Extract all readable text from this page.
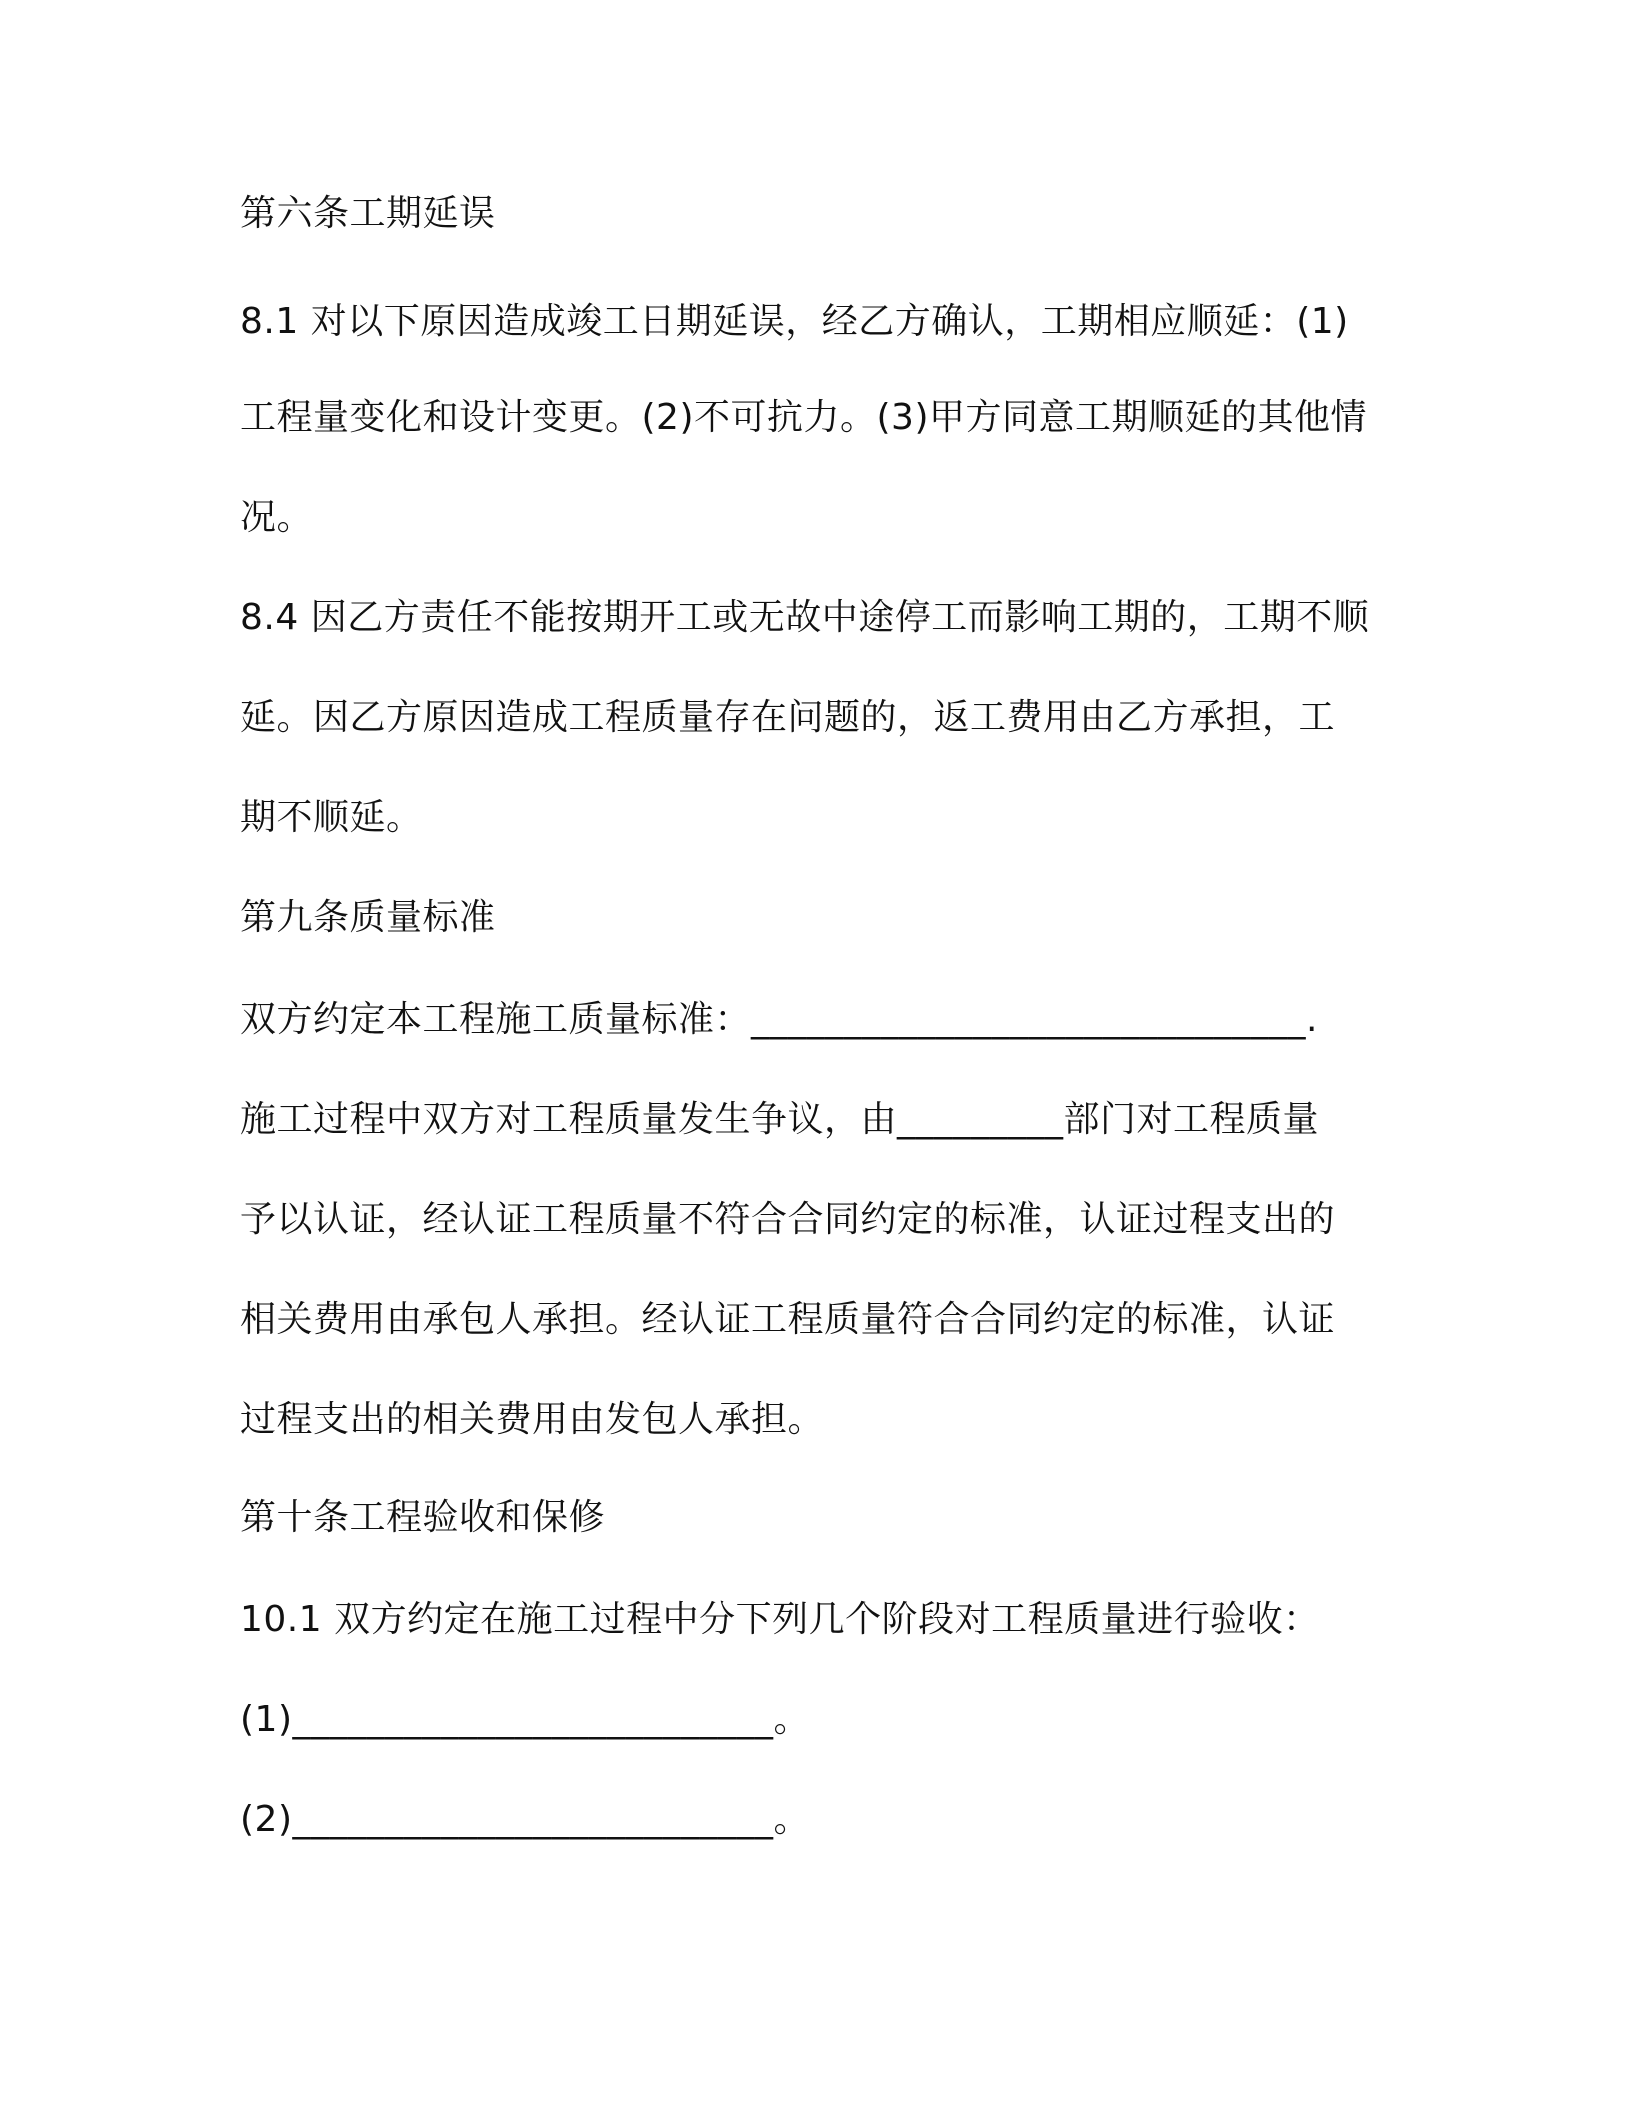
第六条工期延误
8.1 对以下原因造成竣工日期延误，经乙方确认，工期相应顺延：(1)
工程量变化和设计变更。(2)不可抗力。(3)甲方同意工期顺延的其他情
况。
8.4 因乙方责任不能按期开工或无故中途停工而影响工期的，工期不顺
延。因乙方原因造成工程质量存在问题的，返工费用由乙方承担，工
期不顺延。
第九条质量标准
双方约定本工程施工质量标准：______________________________.
施工过程中双方对工程质量发生争议，由_________部门对工程质量
予以认证，经认证工程质量不符合合同约定的标准，认证过程支出的
相关费用由承包人承担。经认证工程质量符合合同约定的标准，认证
过程支出的相关费用由发包人承担。
第十条工程验收和保修
10.1 双方约定在施工过程中分下列几个阶段对工程质量进行验收：
(1)__________________________。
(2)__________________________。
